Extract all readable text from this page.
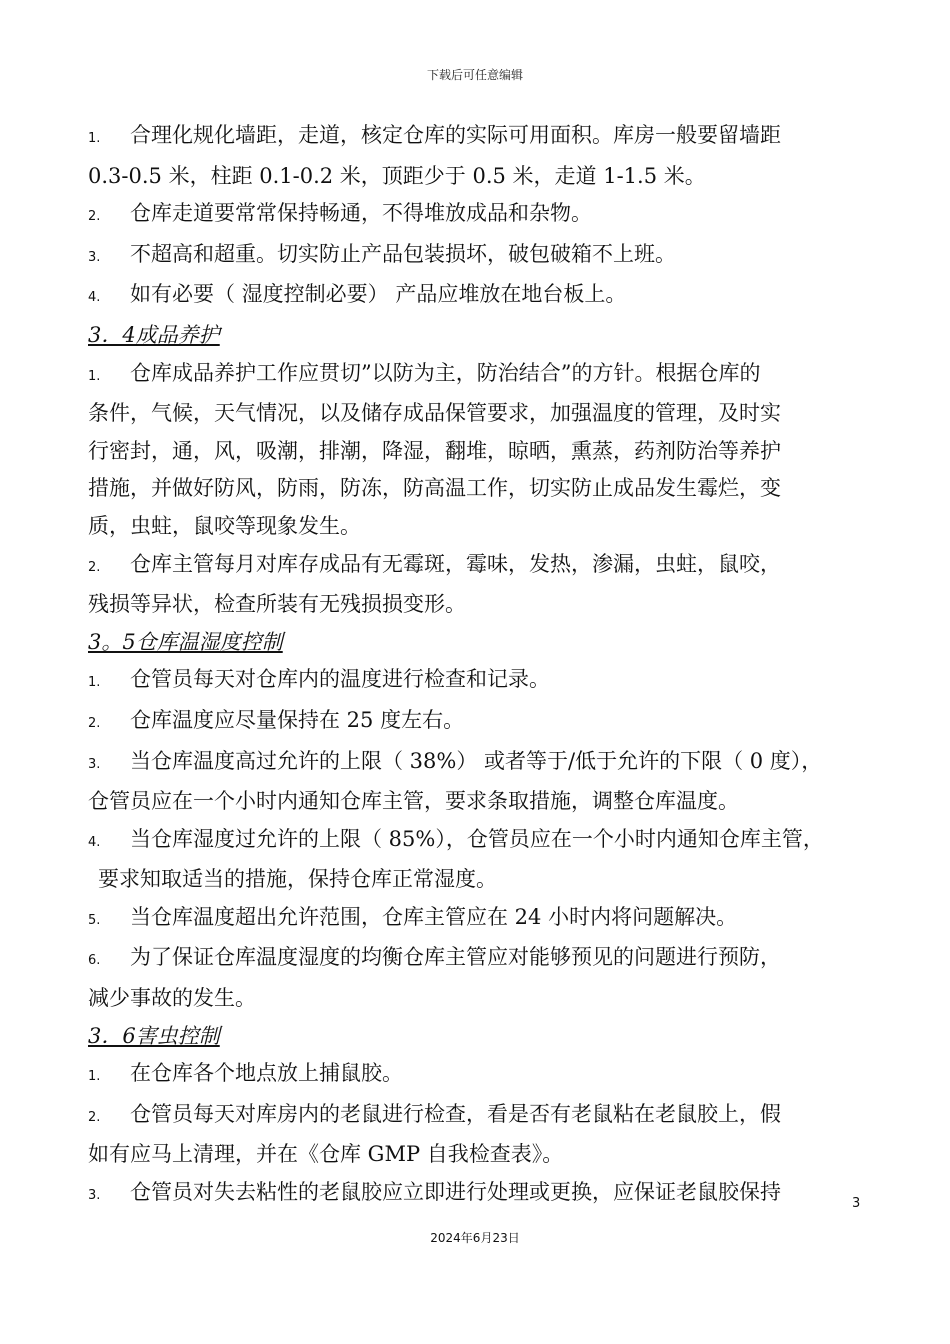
下载后可任意编辑
1. 合理化规化墙距，走道，核定仓库的实际可用面积。库房一般要留墙距
0.3-0.5 米，柱距 0.1-0.2 米，顶距少于 0.5 米，走道 1-1.5 米。
2. 仓库走道要常常保持畅通，不得堆放成品和杂物。
3. 不超高和超重。切实防止产品包装损坏，破包破箱不上班。
4. 如有必要（ 湿度控制必要） 产品应堆放在地台板上。
3．4成品养护
1. 仓库成品养护工作应贯切”以防为主，防治结合”的方针。根据仓库的
条件，气候，天气情况，以及储存成品保管要求，加强温度的管理，及时实
行密封，通，风，吸潮，排潮，降湿，翻堆，晾晒，熏蒸，药剂防治等养护
措施，并做好防风，防雨，防冻，防高温工作，切实防止成品发生霉烂，变
质，虫蛀，鼠咬等现象发生。
2. 仓库主管每月对库存成品有无霉斑，霉味，发热，渗漏，虫蛀，鼠咬，
残损等异状，检查所装有无残损损变形。
3。5仓库温湿度控制
1. 仓管员每天对仓库内的温度进行检查和记录。
2. 仓库温度应尽量保持在 25 度左右。
3. 当仓库温度高过允许的上限（ 38%） 或者等于/低于允许的下限（ 0 度），
仓管员应在一个小时内通知仓库主管，要求条取措施，调整仓库温度。
4. 当仓库湿度过允许的上限（ 85%），仓管员应在一个小时内通知仓库主管，
要求知取适当的措施，保持仓库正常湿度。
5. 当仓库温度超出允许范围，仓库主管应在 24 小时内将问题解决。
6. 为了保证仓库温度湿度的均衡仓库主管应对能够预见的问题进行预防，
减少事故的发生。
3．6害虫控制
1. 在仓库各个地点放上捕鼠胶。
2. 仓管员每天对库房内的老鼠进行检查，看是否有老鼠粘在老鼠胶上，假
如有应马上清理，并在《仓库 GMP 自我检查表》。
3. 仓管员对失去粘性的老鼠胶应立即进行处理或更换，应保证老鼠胶保持	3
2024年6月23日
